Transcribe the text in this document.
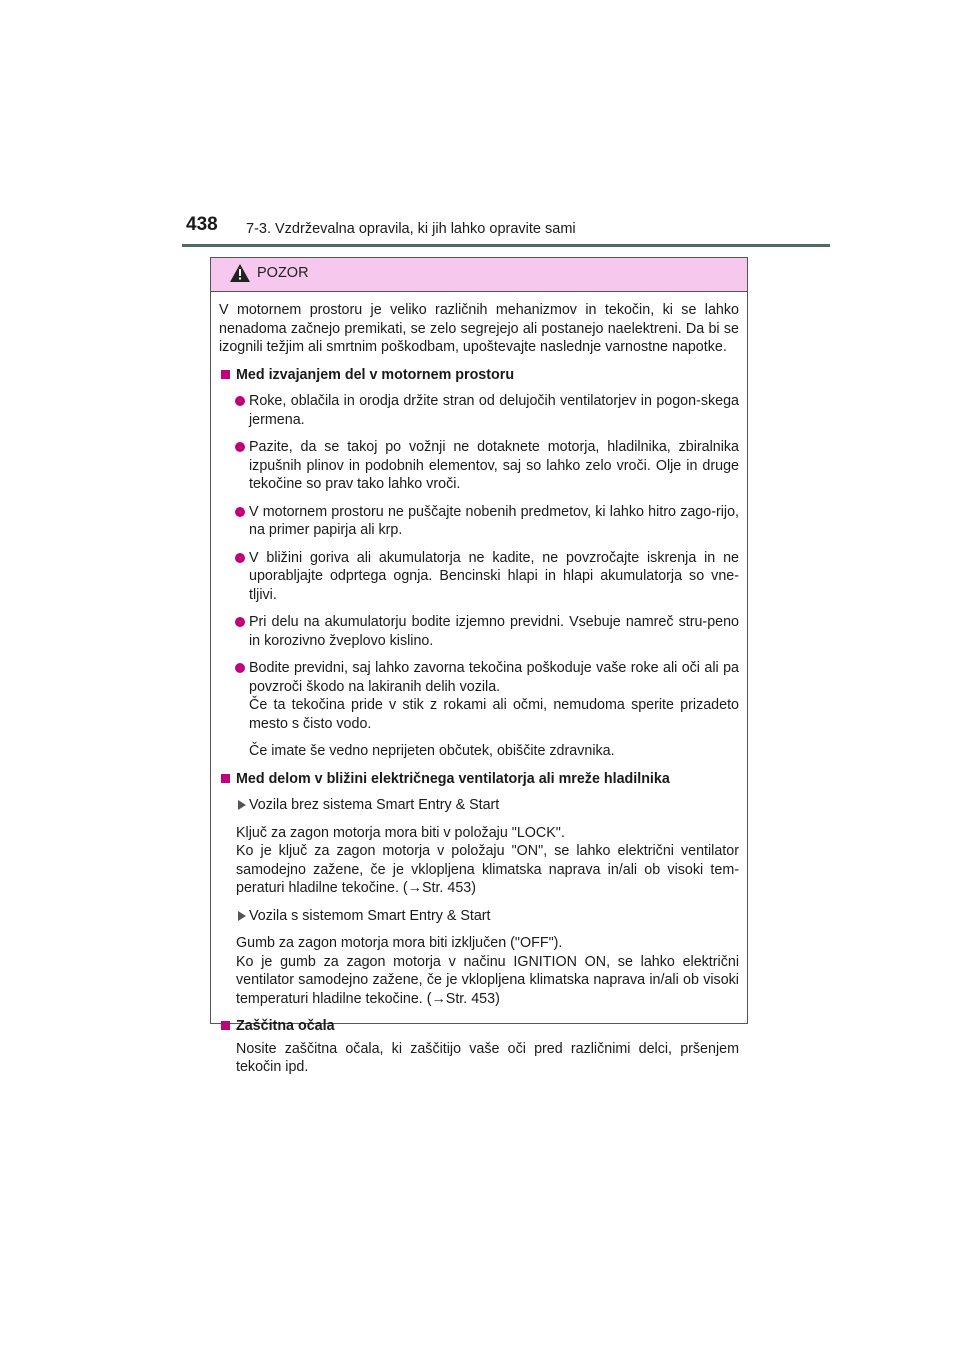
438 7-3. Vzdrževalna opravila, ki jih lahko opravite sami
POZOR

V motornem prostoru je veliko različnih mehanizmov in tekočin, ki se lahko nenadoma začnejo premikati, se zelo segrejejo ali postanejo naelektreni. Da bi se izognili težjim ali smrtnim poškodbam, upoštevajte naslednje varnostne napotke.

Med izvajanjem del v motornem prostoru
Roke, oblačila in orodja držite stran od delujočih ventilatorjev in pogon-skega jermena.
Pazite, da se takoj po vožnji ne dotaknete motorja, hladilnika, zbiralnika izpušnih plinov in podobnih elementov, saj so lahko zelo vroči. Olje in druge tekočine so prav tako lahko vroči.
V motornem prostoru ne puščajte nobenih predmetov, ki lahko hitro zago-rijo, na primer papirja ali krp.
V bližini goriva ali akumulatorja ne kadite, ne povzročajte iskrenja in ne uporabljajte odprtega ognja. Bencinski hlapi in hlapi akumulatorja so vne-tljivi.
Pri delu na akumulatorju bodite izjemno previdni. Vsebuje namreč stru-peno in korozivno žveplovo kislino.
Bodite previdni, saj lahko zavorna tekočina poškoduje vaše roke ali oči ali pa povzroči škodo na lakiranih delih vozila.
Če ta tekočina pride v stik z rokami ali očmi, nemudoma sperite prizadeto mesto s čisto vodo.

Če imate še vedno neprijeten občutek, obiščite zdravnika.

Med delom v bližini električnega ventilatorja ali mreže hladilnika
Vozila brez sistema Smart Entry & Start
Ključ za zagon motorja mora biti v položaju "LOCK".
Ko je ključ za zagon motorja v položaju "ON", se lahko električni ventilator samodejno zažene, če je vklopljena klimatska naprava in/ali ob visoki tem-peraturi hladilne tekočine. (→Str. 453)
Vozila s sistemom Smart Entry & Start
Gumb za zagon motorja mora biti izključen ("OFF").
Ko je gumb za zagon motorja v načinu IGNITION ON, se lahko električni ventilator samodejno zažene, če je vklopljena klimatska naprava in/ali ob visoki temperaturi hladilne tekočine. (→Str. 453)
Zaščitna očala

Nosite zaščitna očala, ki zaščitijo vaše oči pred različnimi delci, pršenjem tekočin ipd.
